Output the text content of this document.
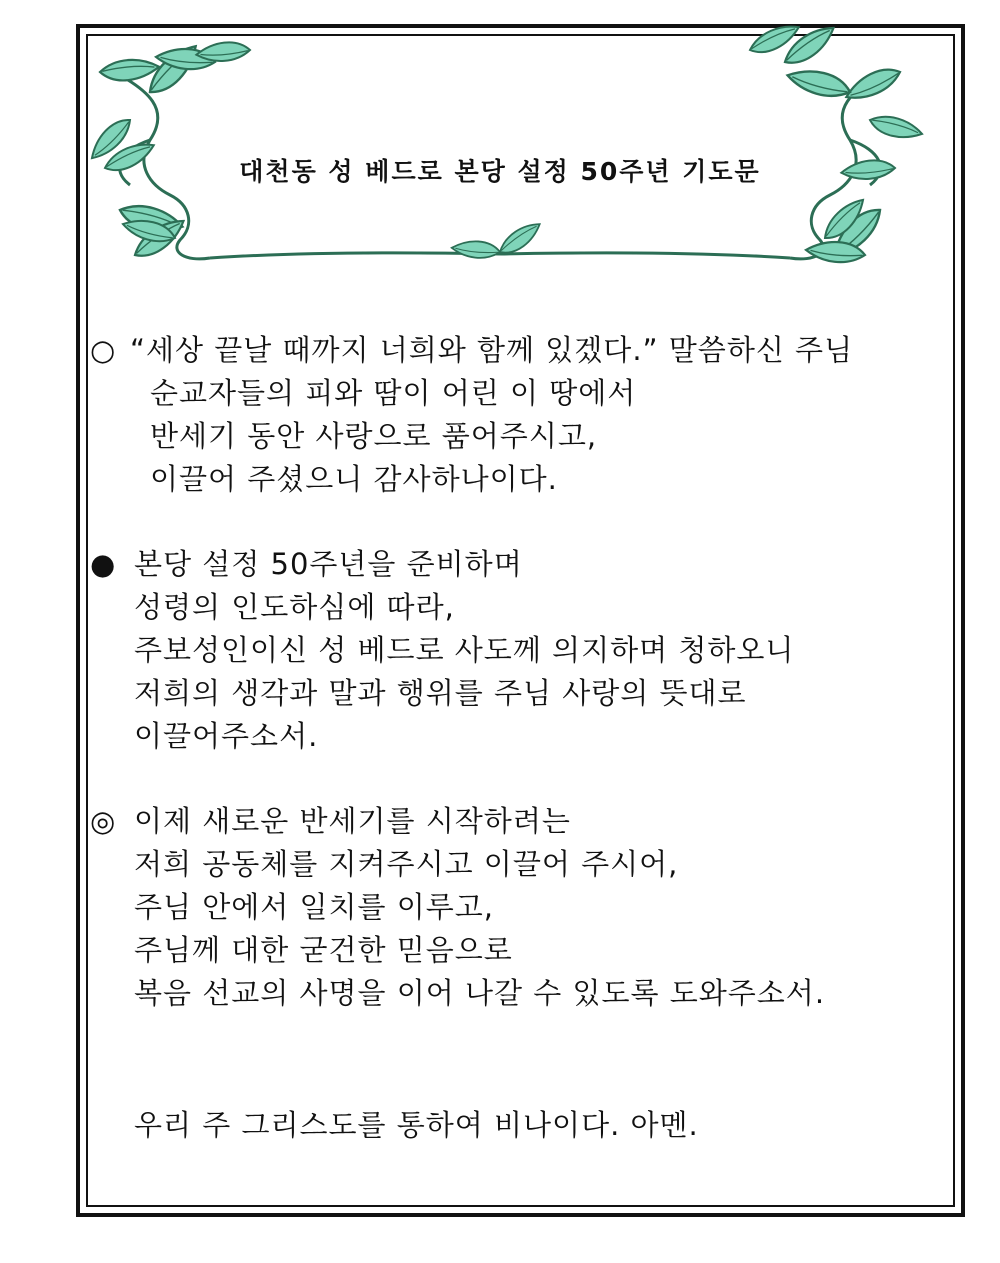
대천동 성 베드로 본당 설정 50주년 기도문
○ “세상 끝날 때까지 너희와 함께 있겠다.” 말씀하신 주님
순교자들의 피와 땀이 어린 이 땅에서
반세기 동안 사랑으로 품어주시고,
이끌어 주셨으니 감사하나이다.
● 본당 설정 50주년을 준비하며
성령의 인도하심에 따라,
주보성인이신 성 베드로 사도께 의지하며 청하오니
저희의 생각과 말과 행위를 주님 사랑의 뜻대로
이끌어주소서.
◎ 이제 새로운 반세기를 시작하려는
저희 공동체를 지켜주시고 이끌어 주시어,
주님 안에서 일치를 이루고,
주님께 대한 굳건한 믿음으로
복음 선교의 사명을 이어 나갈 수 있도록 도와주소서.
우리 주 그리스도를 통하여 비나이다. 아멘.
